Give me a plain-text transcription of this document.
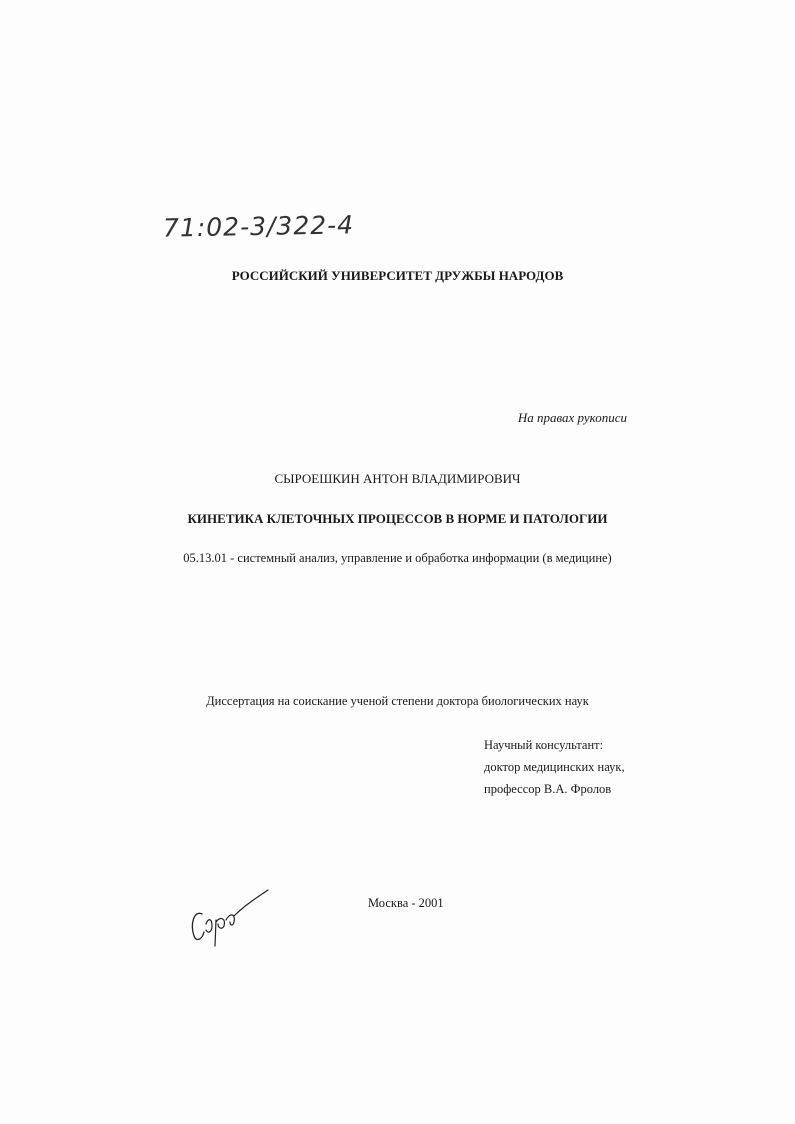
71:02-3/322-4
РОССИЙСКИЙ УНИВЕРСИТЕТ ДРУЖБЫ НАРОДОВ
На правах рукописи
СЫРОЕШКИН АНТОН ВЛАДИМИРОВИЧ
КИНЕТИКА КЛЕТОЧНЫХ ПРОЦЕССОВ В НОРМЕ И ПАТОЛОГИИ
05.13.01 - системный анализ, управление и обработка информации (в медицине)
Диссертация на соискание ученой степени доктора биологических наук
Научный консультант:
доктор медицинских наук,
профессор В.А. Фролов
Москва - 2001
